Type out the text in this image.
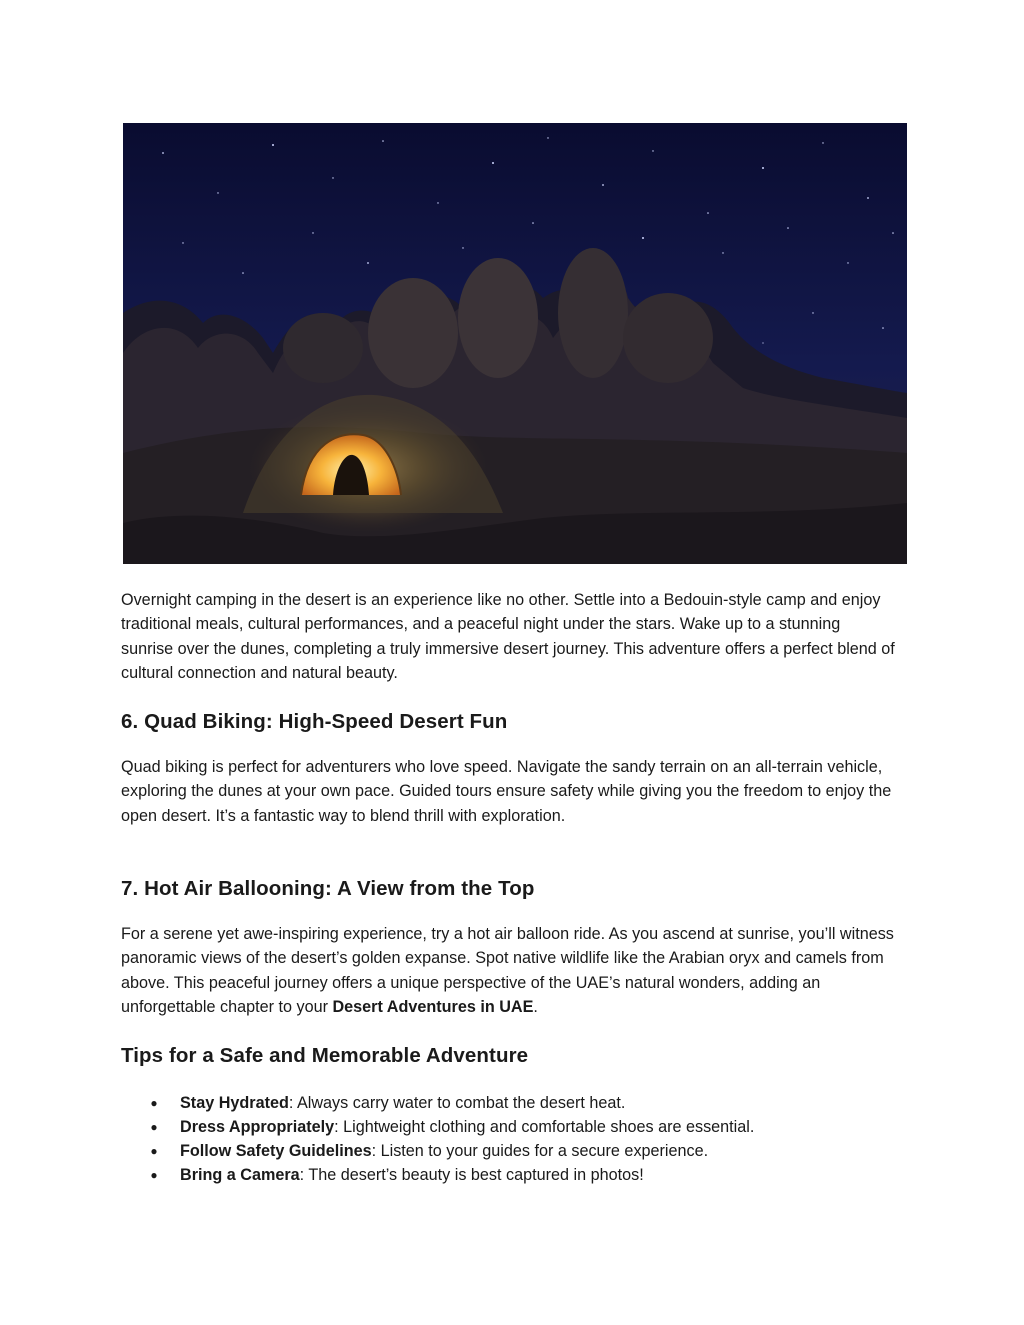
Overnight camping in the desert is an experience like no other. Settle into a Bedouin-style camp and enjoy traditional meals, cultural performances, and a peaceful night under the stars. Wake up to a stunning sunrise over the dunes, completing a truly immersive desert journey. This adventure offers a perfect blend of cultural connection and natural beauty.

6. Quad Biking: High-Speed Desert Fun

Quad biking is perfect for adventurers who love speed. Navigate the sandy terrain on an all-terrain vehicle, exploring the dunes at your own pace. Guided tours ensure safety while giving you the freedom to enjoy the open desert. It’s a fantastic way to blend thrill with exploration.

7. Hot Air Ballooning: A View from the Top

For a serene yet awe-inspiring experience, try a hot air balloon ride. As you ascend at sunrise, you’ll witness panoramic views of the desert’s golden expanse. Spot native wildlife like the Arabian oryx and camels from above. This peaceful journey offers a unique perspective of the UAE’s natural wonders, adding an unforgettable chapter to your Desert Adventures in UAE.

Tips for a Safe and Memorable Adventure
● Stay Hydrated: Always carry water to combat the desert heat.
● Dress Appropriately: Lightweight clothing and comfortable shoes are essential.
● Follow Safety Guidelines: Listen to your guides for a secure experience.
● Bring a Camera: The desert’s beauty is best captured in photos!
